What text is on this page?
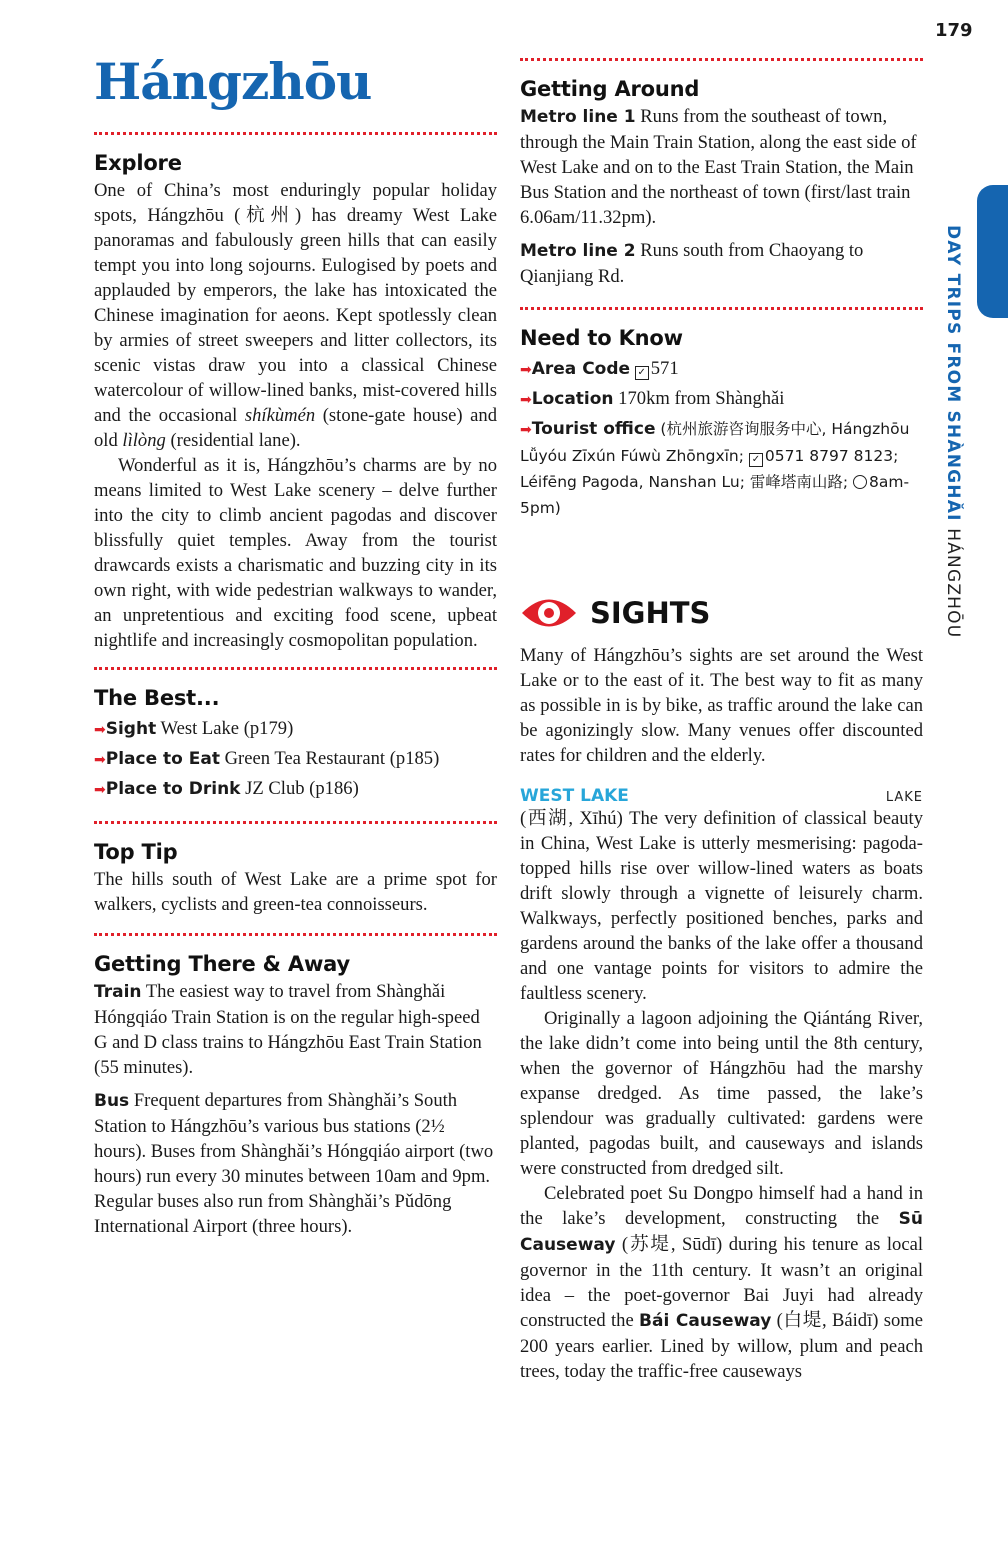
179
DAY TRIPS FROM SHÀNGHǍI HÁNGZHŌU
Hángzhōu
Explore

One of China’s most enduringly popular holiday spots, Hángzhōu (杭州) has dreamy West Lake panoramas and fabulously green hills that can easily tempt you into long sojourns. Eulogised by poets and applauded by emperors, the lake has intoxicated the Chinese imagination for aeons. Kept spotlessly clean by armies of street sweepers and litter collectors, its scenic vistas draw you into a classical Chinese watercolour of willow-lined banks, mist-covered hills and the occasional shíkùmén (stone-gate house) and old lìlòng (residential lane).

Wonderful as it is, Hángzhōu’s charms are by no means limited to West Lake scenery – delve further into the city to climb ancient pagodas and discover blissfully quiet temples. Away from the tourist drawcards exists a charismatic and buzzing city in its own right, with wide pedestrian walkways to wander, an unpretentious and exciting food scene, upbeat nightlife and increasingly cosmopolitan population.

The Best...
➡Sight West Lake (p179)
➡Place to Eat Green Tea Restaurant (p185)
➡Place to Drink JZ Club (p186)
Top Tip

The hills south of West Lake are a prime spot for walkers, cyclists and green-tea connoisseurs.

Getting There & Away

Train The easiest way to travel from Shànghǎi Hóngqiáo Train Station is on the regular high-speed G and D class trains to Hángzhōu East Train Station (55 minutes).

Bus Frequent departures from Shànghǎi’s South Station to Hángzhōu’s various bus stations (2½ hours). Buses from Shànghǎi’s Hóngqiáo airport (two hours) run every 30 minutes between 10am and 9pm. Regular buses also run from Shànghǎi’s Pǔdōng International Airport (three hours).

Getting Around

Metro line 1 Runs from the southeast of town, through the Main Train Station, along the east side of West Lake and on to the East Train Station, the Main Bus Station and the northeast of town (first/last train 6.06am/11.32pm).

Metro line 2 Runs south from Chaoyang to Qianjiang Rd.

Need to Know
➡Area Code ✓ 571
➡Location 170km from Shànghǎi
➡Tourist office (杭州旅游咨询服务中心, Hángzhōu Lǚyóu Zīxún Fúwù Zhōngxīn; ✓ 0571 8797 8123; Léifēng Pagoda, Nanshan Lu; 雷峰塔南山路; 8am-5pm)
SIGHTS

Many of Hángzhōu’s sights are set around the West Lake or to the east of it. The best way to fit as many as possible in is by bike, as traffic around the lake can be agonizingly slow. Many venues offer discounted rates for children and the elderly.

WEST LAKE	LAKE

(西湖, Xīhú) The very definition of classical beauty in China, West Lake is utterly mesmerising: pagoda-topped hills rise over willow-lined waters as boats drift slowly through a vignette of leisurely charm. Walkways, perfectly positioned benches, parks and gardens around the banks of the lake offer a thousand and one vantage points for visitors to admire the faultless scenery.

Originally a lagoon adjoining the Qiántáng River, the lake didn’t come into being until the 8th century, when the governor of Hángzhōu had the marshy expanse dredged. As time passed, the lake’s splendour was gradually cultivated: gardens were planted, pagodas built, and causeways and islands were constructed from dredged silt.

Celebrated poet Su Dongpo himself had a hand in the lake’s development, constructing the Sū Causeway (苏堤, Sūdī) during his tenure as local governor in the 11th century. It wasn’t an original idea – the poet-governor Bai Juyi had already constructed the Bái Causeway (白堤, Báidī) some 200 years earlier. Lined by willow, plum and peach trees, today the traffic-free causeways
